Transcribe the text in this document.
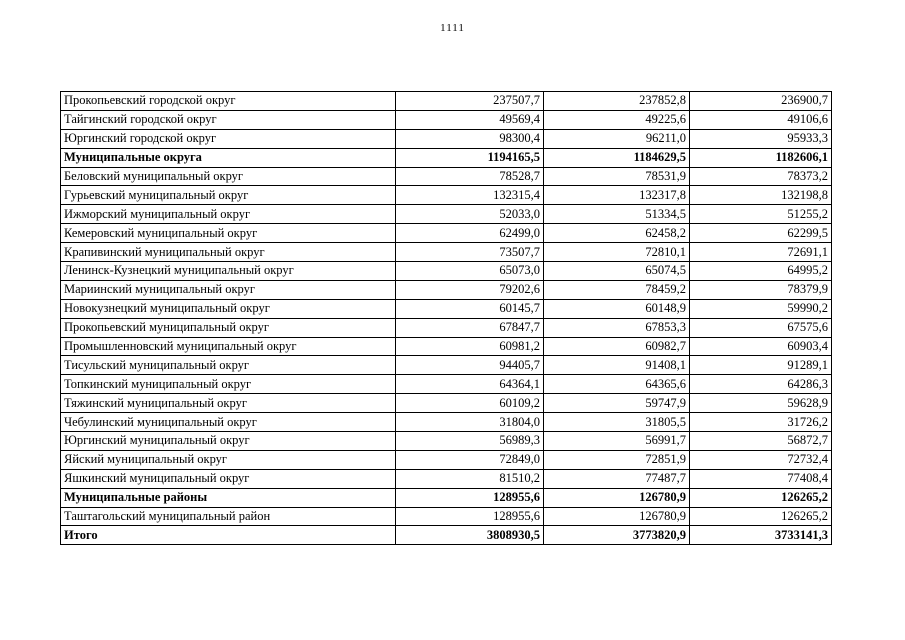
1111
Прокопьевский городской округ	237507,7	237852,8	236900,7
Тайгинский городской округ	49569,4	49225,6	49106,6
Юргинский городской округ	98300,4	96211,0	95933,3
Муниципальные округа	1194165,5	1184629,5	1182606,1
Беловский муниципальный округ	78528,7	78531,9	78373,2
Гурьевский муниципальный округ	132315,4	132317,8	132198,8
Ижморский муниципальный округ	52033,0	51334,5	51255,2
Кемеровский муниципальный округ	62499,0	62458,2	62299,5
Крапивинский муниципальный округ	73507,7	72810,1	72691,1
Ленинск-Кузнецкий муниципальный округ	65073,0	65074,5	64995,2
Мариинский муниципальный округ	79202,6	78459,2	78379,9
Новокузнецкий муниципальный округ	60145,7	60148,9	59990,2
Прокопьевский муниципальный округ	67847,7	67853,3	67575,6
Промышленновский муниципальный округ	60981,2	60982,7	60903,4
Тисульский муниципальный округ	94405,7	91408,1	91289,1
Топкинский муниципальный округ	64364,1	64365,6	64286,3
Тяжинский муниципальный округ	60109,2	59747,9	59628,9
Чебулинский муниципальный округ	31804,0	31805,5	31726,2
Юргинский муниципальный округ	56989,3	56991,7	56872,7
Яйский муниципальный округ	72849,0	72851,9	72732,4
Яшкинский муниципальный округ	81510,2	77487,7	77408,4
Муниципальные районы	128955,6	126780,9	126265,2
Таштагольский муниципальный район	128955,6	126780,9	126265,2
Итого	3808930,5	3773820,9	3733141,3
